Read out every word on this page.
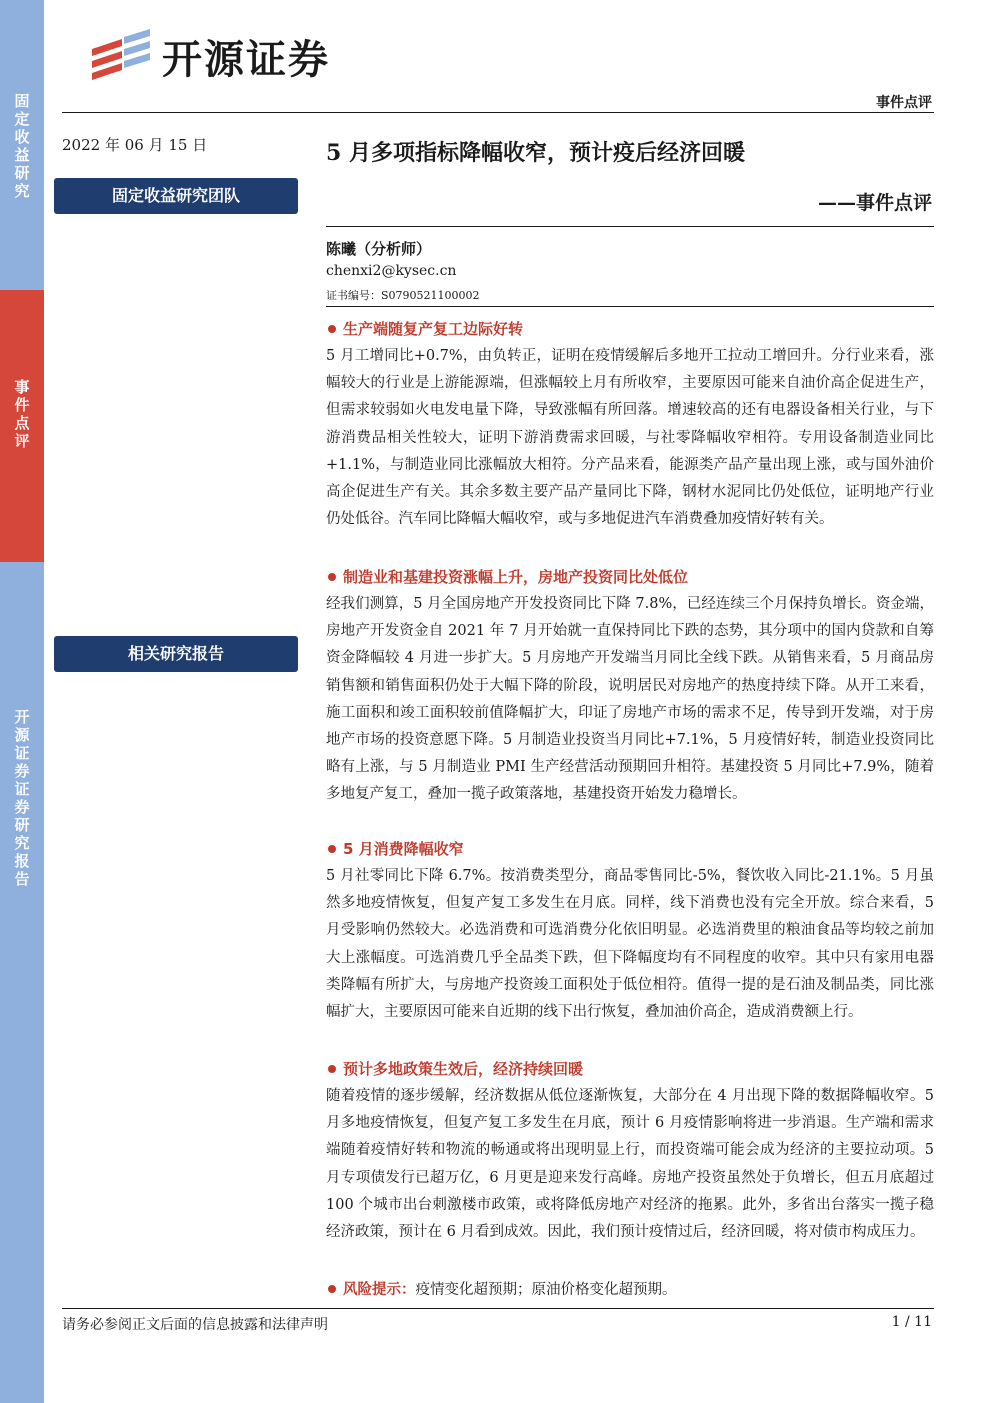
固
定
收
益
研
究
事
件
点
评
开
源
证
券
证
券
研
究
报
告
开源证券
事件点评
2022 年 06 月 15 日
固定收益研究团队
相关研究报告
5 月多项指标降幅收窄，预计疫后经济回暖
——事件点评
陈曦（分析师）
chenxi2@kysec.cn
证书编号：S0790521100002
生产端随复产复工边际好转

5 月工增同比+0.7%，由负转正，证明在疫情缓解后多地开工拉动工增回升。分行业来看，涨幅较大的行业是上游能源端，但涨幅较上月有所收窄，主要原因可能来自油价高企促进生产，但需求较弱如火电发电量下降，导致涨幅有所回落。增速较高的还有电器设备相关行业，与下游消费品相关性较大，证明下游消费需求回暖，与社零降幅收窄相符。专用设备制造业同比+1.1%，与制造业同比涨幅放大相符。分产品来看，能源类产品产量出现上涨，或与国外油价高企促进生产有关。其余多数主要产品产量同比下降，钢材水泥同比仍处低位，证明地产行业仍处低谷。汽车同比降幅大幅收窄，或与多地促进汽车消费叠加疫情好转有关。

制造业和基建投资涨幅上升，房地产投资同比处低位

经我们测算，5 月全国房地产开发投资同比下降 7.8%，已经连续三个月保持负增长。资金端，房地产开发资金自 2021 年 7 月开始就一直保持同比下跌的态势，其分项中的国内贷款和自筹资金降幅较 4 月进一步扩大。5 月房地产开发端当月同比全线下跌。从销售来看，5 月商品房销售额和销售面积仍处于大幅下降的阶段，说明居民对房地产的热度持续下降。从开工来看，施工面积和竣工面积较前值降幅扩大，印证了房地产市场的需求不足，传导到开发端，对于房地产市场的投资意愿下降。5 月制造业投资当月同比+7.1%，5 月疫情好转，制造业投资同比略有上涨，与 5 月制造业 PMI 生产经营活动预期回升相符。基建投资 5 月同比+7.9%，随着多地复产复工，叠加一揽子政策落地，基建投资开始发力稳增长。

5 月消费降幅收窄

5 月社零同比下降 6.7%。按消费类型分，商品零售同比-5%，餐饮收入同比-21.1%。5 月虽然多地疫情恢复，但复产复工多发生在月底。同样，线下消费也没有完全开放。综合来看，5 月受影响仍然较大。必选消费和可选消费分化依旧明显。必选消费里的粮油食品等均较之前加大上涨幅度。可选消费几乎全品类下跌，但下降幅度均有不同程度的收窄。其中只有家用电器类降幅有所扩大，与房地产投资竣工面积处于低位相符。值得一提的是石油及制品类，同比涨幅扩大，主要原因可能来自近期的线下出行恢复，叠加油价高企，造成消费额上行。

预计多地政策生效后，经济持续回暖

随着疫情的逐步缓解，经济数据从低位逐渐恢复，大部分在 4 月出现下降的数据降幅收窄。5 月多地疫情恢复，但复产复工多发生在月底，预计 6 月疫情影响将进一步消退。生产端和需求端随着疫情好转和物流的畅通或将出现明显上行，而投资端可能会成为经济的主要拉动项。5 月专项债发行已超万亿，6 月更是迎来发行高峰。房地产投资虽然处于负增长，但五月底超过 100 个城市出台刺激楼市政策，或将降低房地产对经济的拖累。此外，多省出台落实一揽子稳经济政策，预计在 6 月看到成效。因此，我们预计疫情过后，经济回暖，将对债市构成压力。

风险提示：疫情变化超预期；原油价格变化超预期。
请务必参阅正文后面的信息披露和法律声明	1 / 11
